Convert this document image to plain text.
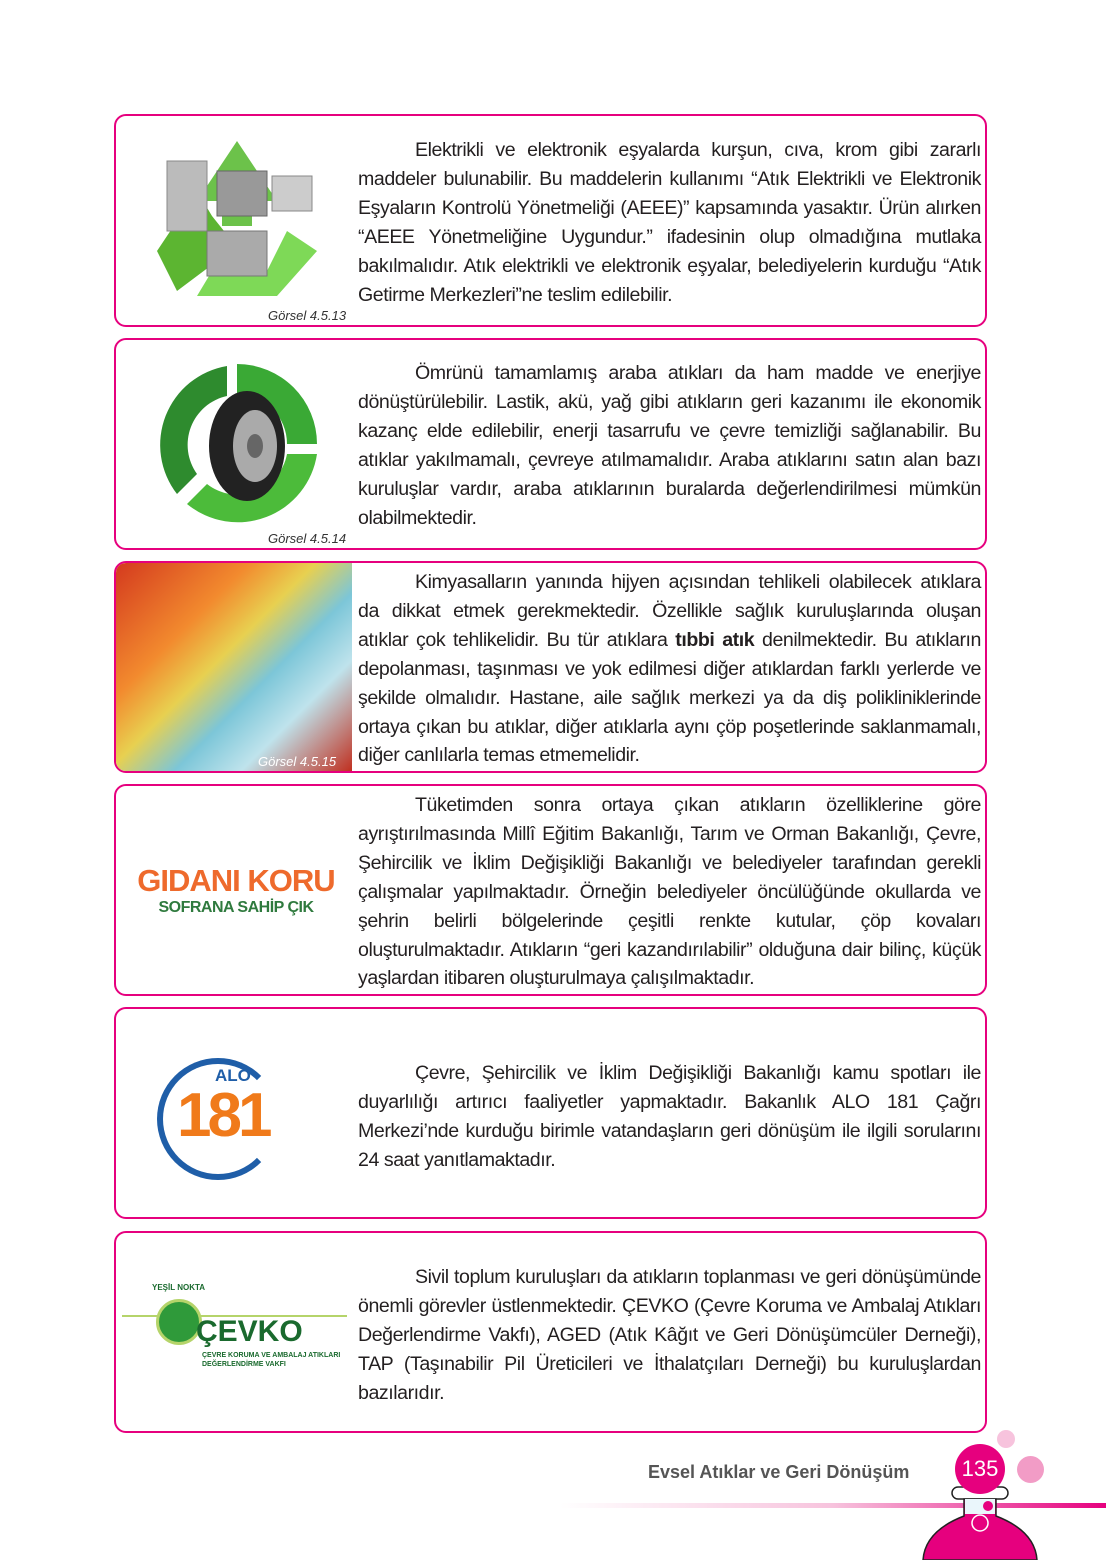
Görsel 4.5.13
Elektrikli ve elektronik eşyalarda kurşun, cıva, krom gibi zararlı maddeler bulunabilir. Bu maddelerin kullanımı “Atık Elektrikli ve Elektronik Eşyaların Kontrolü Yönetmeliği (AEEE)” kapsamında yasaktır. Ürün alırken “AEEE Yönetmeliğine Uygundur.” ifadesinin olup olmadığına mutlaka bakılmalıdır. Atık elektrikli ve elektronik eşyalar, belediyelerin kurduğu “Atık Getirme Merkezleri”ne teslim edilebilir.
Görsel 4.5.14
Ömrünü tamamlamış araba atıkları da ham madde ve enerjiye dönüştürülebilir. Lastik, akü, yağ gibi atıkların geri kazanımı ile ekonomik kazanç elde edilebilir, enerji tasarrufu ve çevre temizliği sağlanabilir. Bu atıklar yakılmamalı, çevreye atılmamalıdır. Araba atıklarını satın alan bazı kuruluşlar vardır, araba atıklarının buralarda değerlendirilmesi mümkün olabilmektedir.
Görsel 4.5.15
Kimyasalların yanında hijyen açısından tehlikeli olabilecek atıklara da dikkat etmek gerekmektedir. Özellikle sağlık kuruluşlarında oluşan atıklar çok tehlikelidir. Bu tür atıklara tıbbi atık denilmektedir. Bu atıkların depolanması, taşınması ve yok edilmesi diğer atıklardan farklı yerlerde ve şekilde olmalıdır. Hastane, aile sağlık merkezi ya da diş polikliniklerinde ortaya çıkan bu atıklar, diğer atıklarla aynı çöp poşetlerinde saklanmamalı, diğer canlılarla temas etmemelidir.
GIDANI KORU
SOFRANA SAHİP ÇIK
Tüketimden sonra ortaya çıkan atıkların özelliklerine göre ayrıştırılmasında Millî Eğitim Bakanlığı, Tarım ve Orman Bakanlığı, Çevre, Şehircilik ve İklim Değişikliği Bakanlığı ve belediyeler tarafından gerekli çalışmalar yapılmaktadır. Örneğin belediyeler öncülüğünde okullarda ve şehrin belirli bölgelerinde çeşitli renkte kutular, çöp kovaları oluşturulmaktadır. Atıkların “geri kazandırılabilir” olduğuna dair bilinç, küçük yaşlardan itibaren oluşturulmaya çalışılmaktadır.
ALO
181
Çevre, Şehircilik ve İklim Değişikliği Bakanlığı kamu spotları ile duyarlılığı artırıcı faaliyetler yapmaktadır. Bakanlık ALO 181 Çağrı Merkezi’nde kurduğu birimle vatandaşların geri dönüşüm ile ilgili sorularını 24 saat yanıtlamaktadır.
YEŞİL NOKTA
ÇEVKO
ÇEVRE KORUMA VE AMBALAJ ATIKLARI DEĞERLENDİRME VAKFI
Sivil toplum kuruluşları da atıkların toplanması ve geri dönüşümünde önemli görevler üstlenmektedir. ÇEVKO (Çevre Koruma ve Ambalaj Atıkları Değerlendirme Vakfı), AGED (Atık Kâğıt ve Geri Dönüşümcüler Derneği), TAP (Taşınabilir Pil Üreticileri ve İthalatçıları Derneği) bu kuruluşlardan bazılarıdır.
Evsel Atıklar ve Geri Dönüşüm	135
